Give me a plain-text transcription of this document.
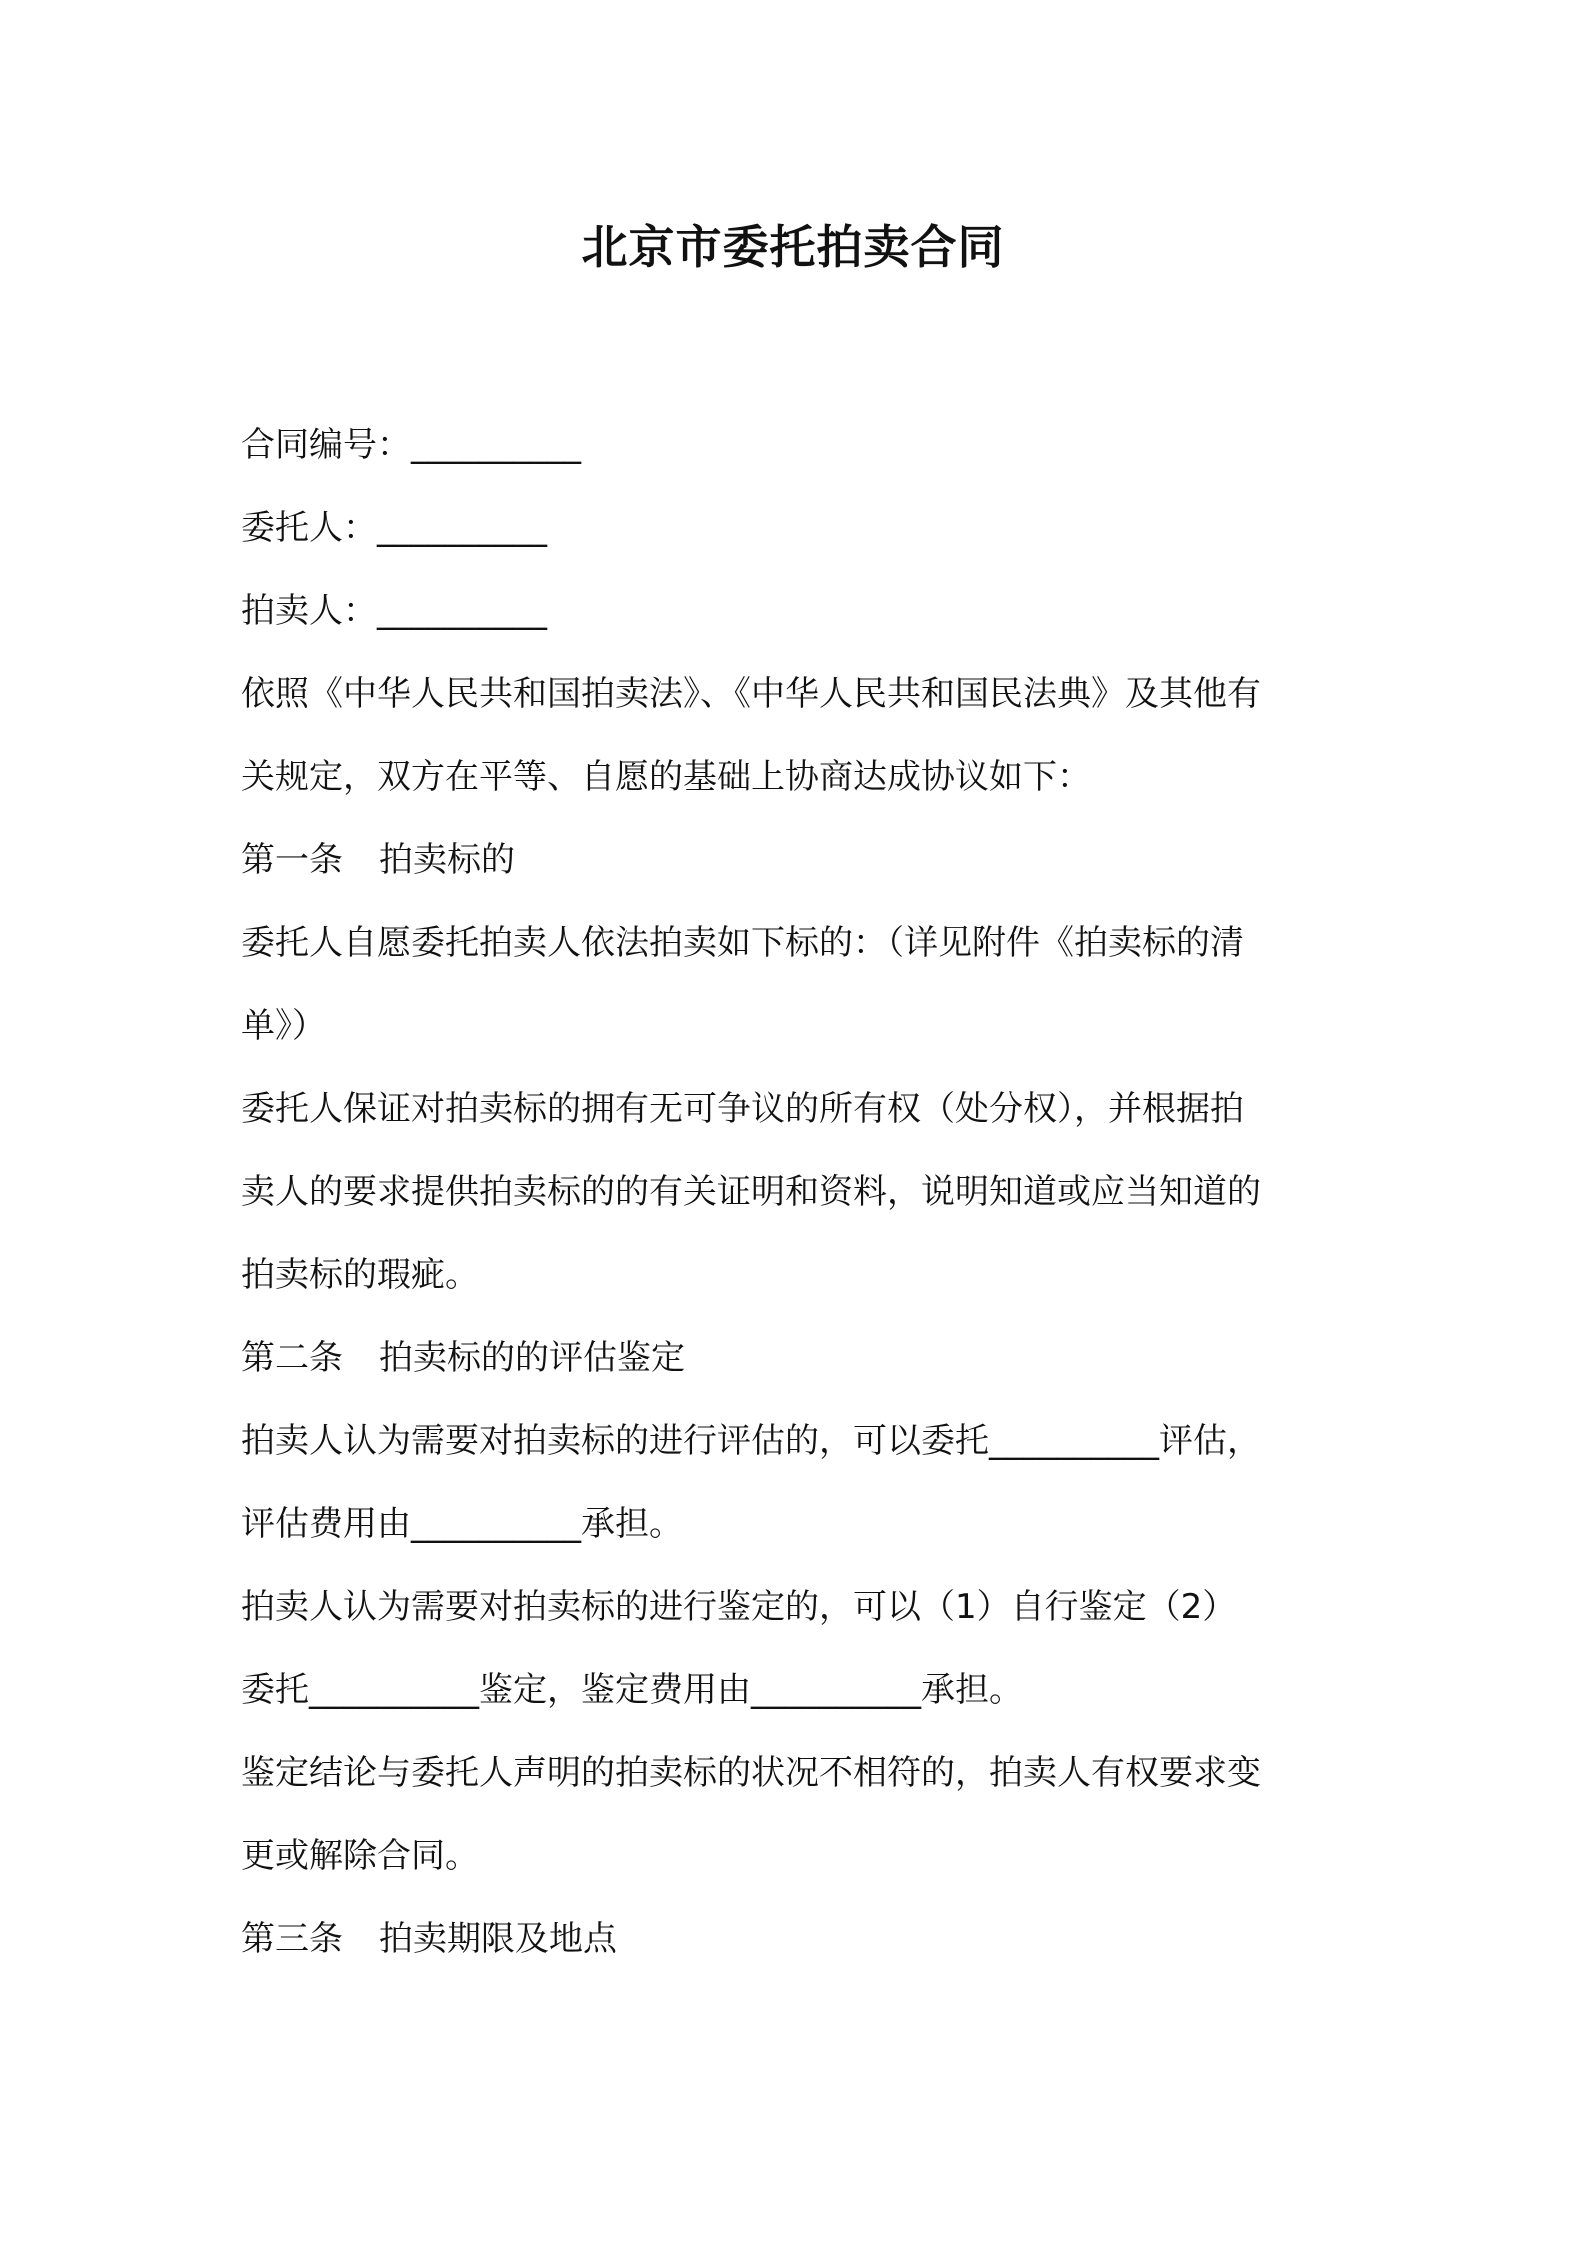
北京市委托拍卖合同

合同编号：__________

委托人：__________

拍卖人：__________

依照《中华人民共和国拍卖法》、《中华人民共和国民法典》及其他有

关规定，双方在平等、自愿的基础上协商达成协议如下：

第一条 拍卖标的

委托人自愿委托拍卖人依法拍卖如下标的：（详见附件《拍卖标的清

单》）

委托人保证对拍卖标的拥有无可争议的所有权（处分权），并根据拍

卖人的要求提供拍卖标的的有关证明和资料，说明知道或应当知道的

拍卖标的瑕疵。

第二条 拍卖标的的评估鉴定

拍卖人认为需要对拍卖标的进行评估的，可以委托__________评估，

评估费用由__________承担。

拍卖人认为需要对拍卖标的进行鉴定的，可以（1）自行鉴定（2）

委托__________鉴定，鉴定费用由__________承担。

鉴定结论与委托人声明的拍卖标的状况不相符的，拍卖人有权要求变

更或解除合同。

第三条 拍卖期限及地点
